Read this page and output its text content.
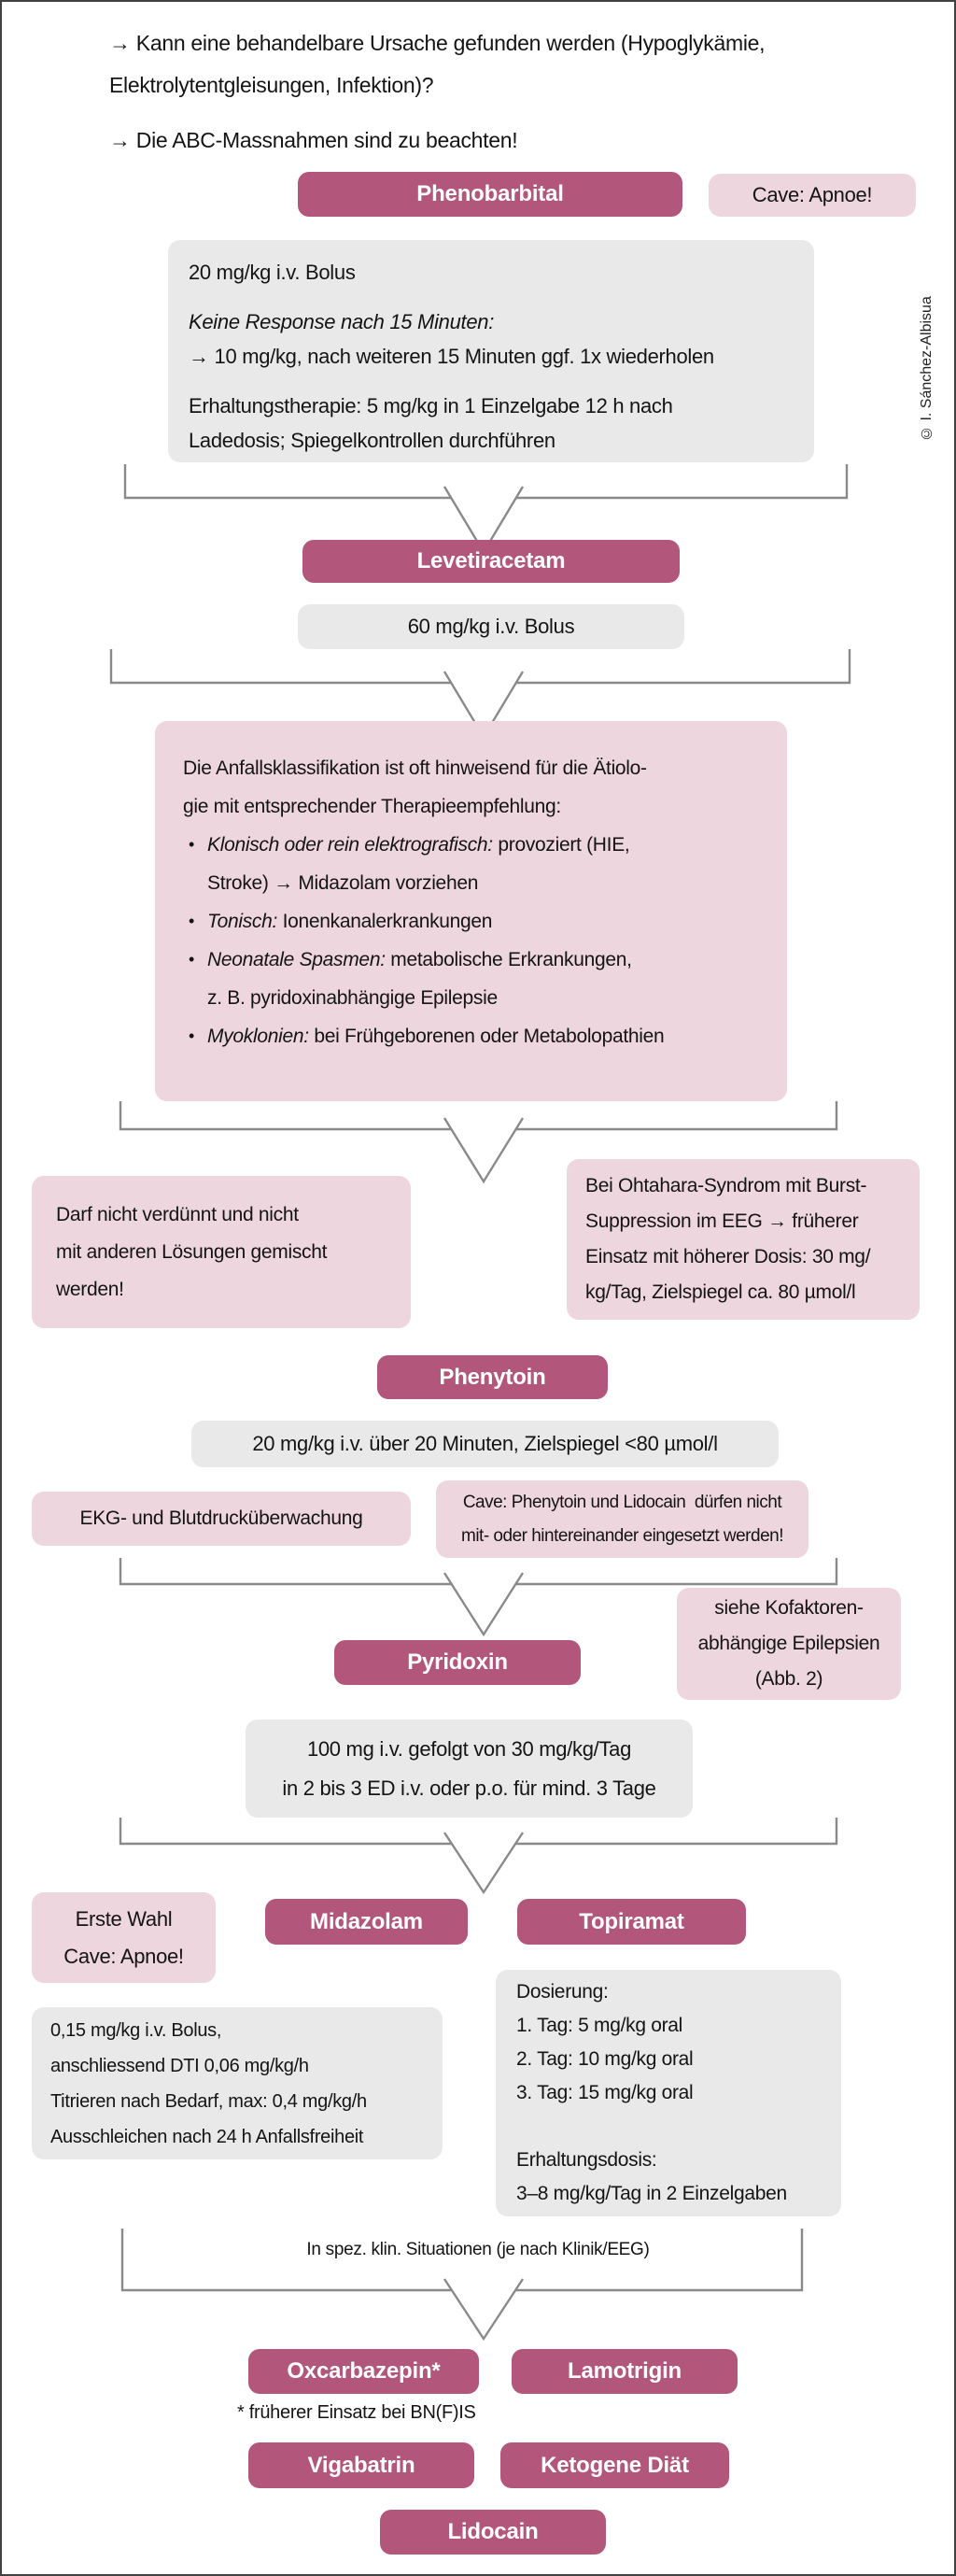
→ Kann eine behandelbare Ursache gefunden werden (Hypoglykämie,
Elektrolytentgleisungen, Infektion)?
→ Die ABC-Massnahmen sind zu beachten!
© I. Sánchez-Albisua
Phenobarbital	Cave: Apnoe!
20 mg/kg i.v. Bolus
Keine Response nach 15 Minuten:
→ 10 mg/kg, nach weiteren 15 Minuten ggf. 1x wiederholen
Erhaltungstherapie: 5 mg/kg in 1 Einzelgabe 12 h nach
Ladedosis; Spiegelkontrollen durchführen
Levetiracetam
60 mg/kg i.v. Bolus
Die Anfallsklassifikation ist oft hinweisend für die Ätiolo-
gie mit entsprechender Therapieempfehlung:
• Klonisch oder rein elektrografisch: provoziert (HIE,
Stroke) → Midazolam vorziehen
• Tonisch: Ionenkanalerkrankungen
• Neonatale Spasmen: metabolische Erkrankungen,
z. B. pyridoxinabhängige Epilepsie
• Myoklonien: bei Frühgeborenen oder Metabolopathien
Darf nicht verdünnt und nicht
mit anderen Lösungen gemischt
werden!
Bei Ohtahara-Syndrom mit Burst-
Suppression im EEG → früherer
Einsatz mit höherer Dosis: 30 mg/
kg/Tag, Zielspiegel ca. 80 µmol/l
Phenytoin
20 mg/kg i.v. über 20 Minuten, Zielspiegel <80 µmol/l
EKG- und Blutdrucküberwachung
Cave: Phenytoin und Lidocain  dürfen nicht
mit- oder hintereinander eingesetzt werden!
Pyridoxin
siehe Kofaktoren-
abhängige Epilepsien
(Abb. 2)
100 mg i.v. gefolgt von 30 mg/kg/Tag
in 2 bis 3 ED i.v. oder p.o. für mind. 3 Tage
Erste Wahl
Cave: Apnoe!
Midazolam	Topiramat
0,15 mg/kg i.v. Bolus,
anschliessend DTI 0,06 mg/kg/h
Titrieren nach Bedarf, max: 0,4 mg/kg/h
Ausschleichen nach 24 h Anfallsfreiheit
Dosierung:
1. Tag: 5 mg/kg oral
2. Tag: 10 mg/kg oral
3. Tag: 15 mg/kg oral

Erhaltungsdosis:
3–8 mg/kg/Tag in 2 Einzelgaben
In spez. klin. Situationen (je nach Klinik/EEG)
Oxcarbazepin*	Lamotrigin
* früherer Einsatz bei BN(F)IS
Vigabatrin	Ketogene Diät
Lidocain
